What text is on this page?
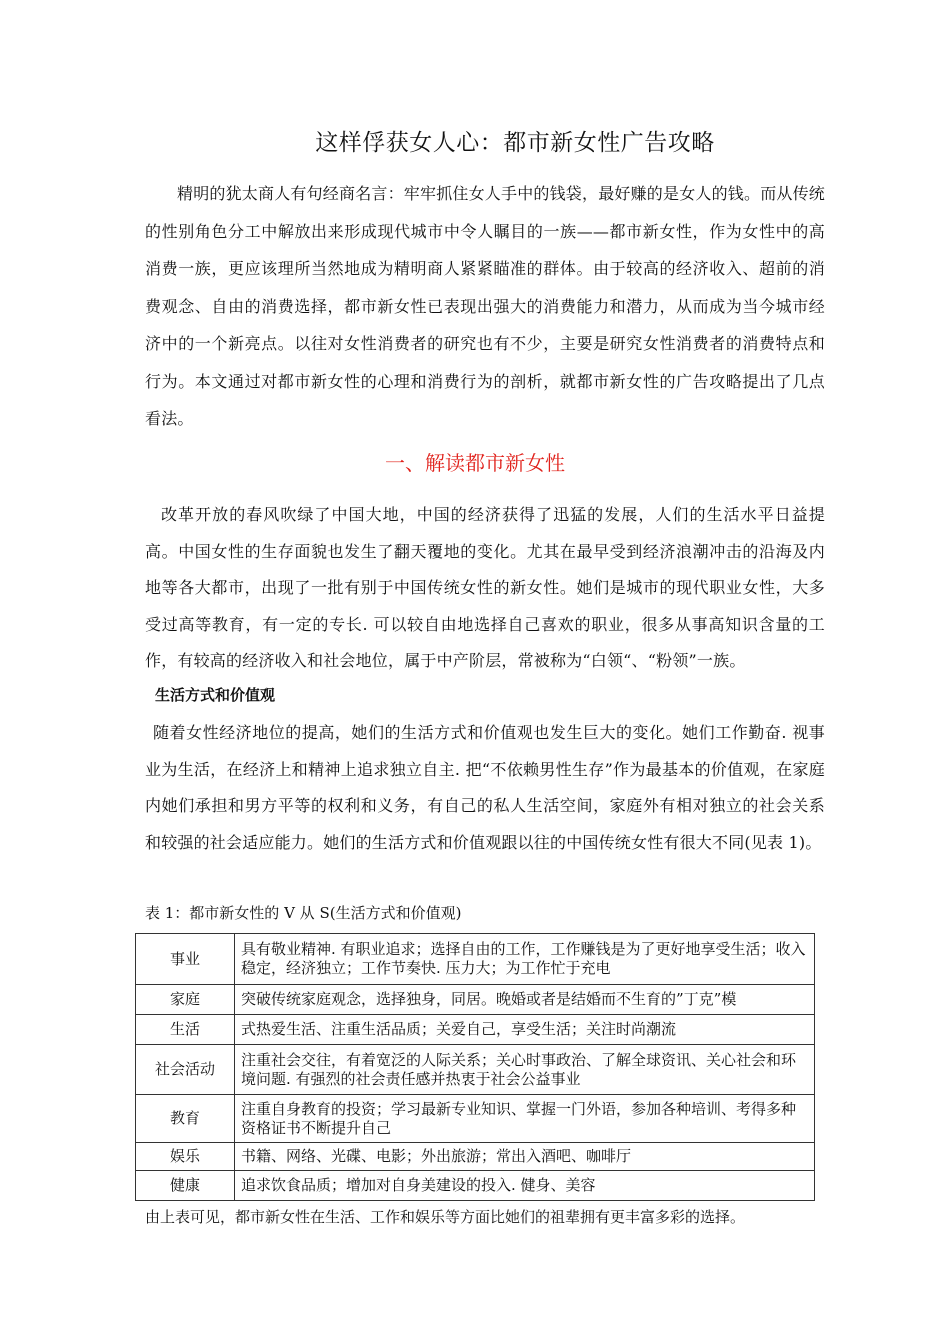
这样俘获女人心：都市新女性广告攻略
精明的犹太商人有句经商名言：牢牢抓住女人手中的钱袋，最好赚的是女人的钱。而从传统的性别角色分工中解放出来形成现代城市中令人瞩目的一族——都市新女性，作为女性中的高消费一族，更应该理所当然地成为精明商人紧紧瞄准的群体。由于较高的经济收入、超前的消费观念、自由的消费选择，都市新女性已表现出强大的消费能力和潜力，从而成为当今城市经济中的一个新亮点。以往对女性消费者的研究也有不少，主要是研究女性消费者的消费特点和行为。本文通过对都市新女性的心理和消费行为的剖析，就都市新女性的广告攻略提出了几点看法。
一、解读都市新女性
改革开放的春风吹绿了中国大地，中国的经济获得了迅猛的发展，人们的生活水平日益提高。中国女性的生存面貌也发生了翻天覆地的变化。尤其在最早受到经济浪潮冲击的沿海及内地等各大都市，出现了一批有别于中国传统女性的新女性。她们是城市的现代职业女性，大多受过高等教育，有一定的专长. 可以较自由地选择自己喜欢的职业，很多从事高知识含量的工作，有较高的经济收入和社会地位，属于中产阶层，常被称为“白领“、“粉领”一族。
生活方式和价值观
随着女性经济地位的提高，她们的生活方式和价值观也发生巨大的变化。她们工作勤奋. 视事业为生活，在经济上和精神上追求独立自主. 把“不依赖男性生存”作为最基本的价值观，在家庭内她们承担和男方平等的权利和义务，有自己的私人生活空间，家庭外有相对独立的社会关系和较强的社会适应能力。她们的生活方式和价值观跟以往的中国传统女性有很大不同(见表 1)。
表 1：都市新女性的 V 从 S(生活方式和价值观)
事业	具有敬业精神. 有职业追求；选择自由的工作，工作赚钱是为了更好地享受生活；收入稳定，经济独立；工作节奏快. 压力大；为工作忙于充电
家庭	突破传统家庭观念，选择独身，同居。晚婚或者是结婚而不生育的”丁克”模
生活	式热爱生活、注重生活品质；关爱自己，享受生活；关注时尚潮流
社会活动	注重社会交往，有着宽泛的人际关系；关心时事政治、了解全球资讯、关心社会和环境问题. 有强烈的社会责任感并热衷于社会公益事业
教育	注重自身教育的投资；学习最新专业知识、掌握一门外语，参加各种培训、考得多种资格证书不断提升自己
娱乐	书籍、网络、光碟、电影；外出旅游；常出入酒吧、咖啡厅
健康	追求饮食品质；增加对自身美建设的投入. 健身、美容
由上表可见，都市新女性在生活、工作和娱乐等方面比她们的祖辈拥有更丰富多彩的选择。
